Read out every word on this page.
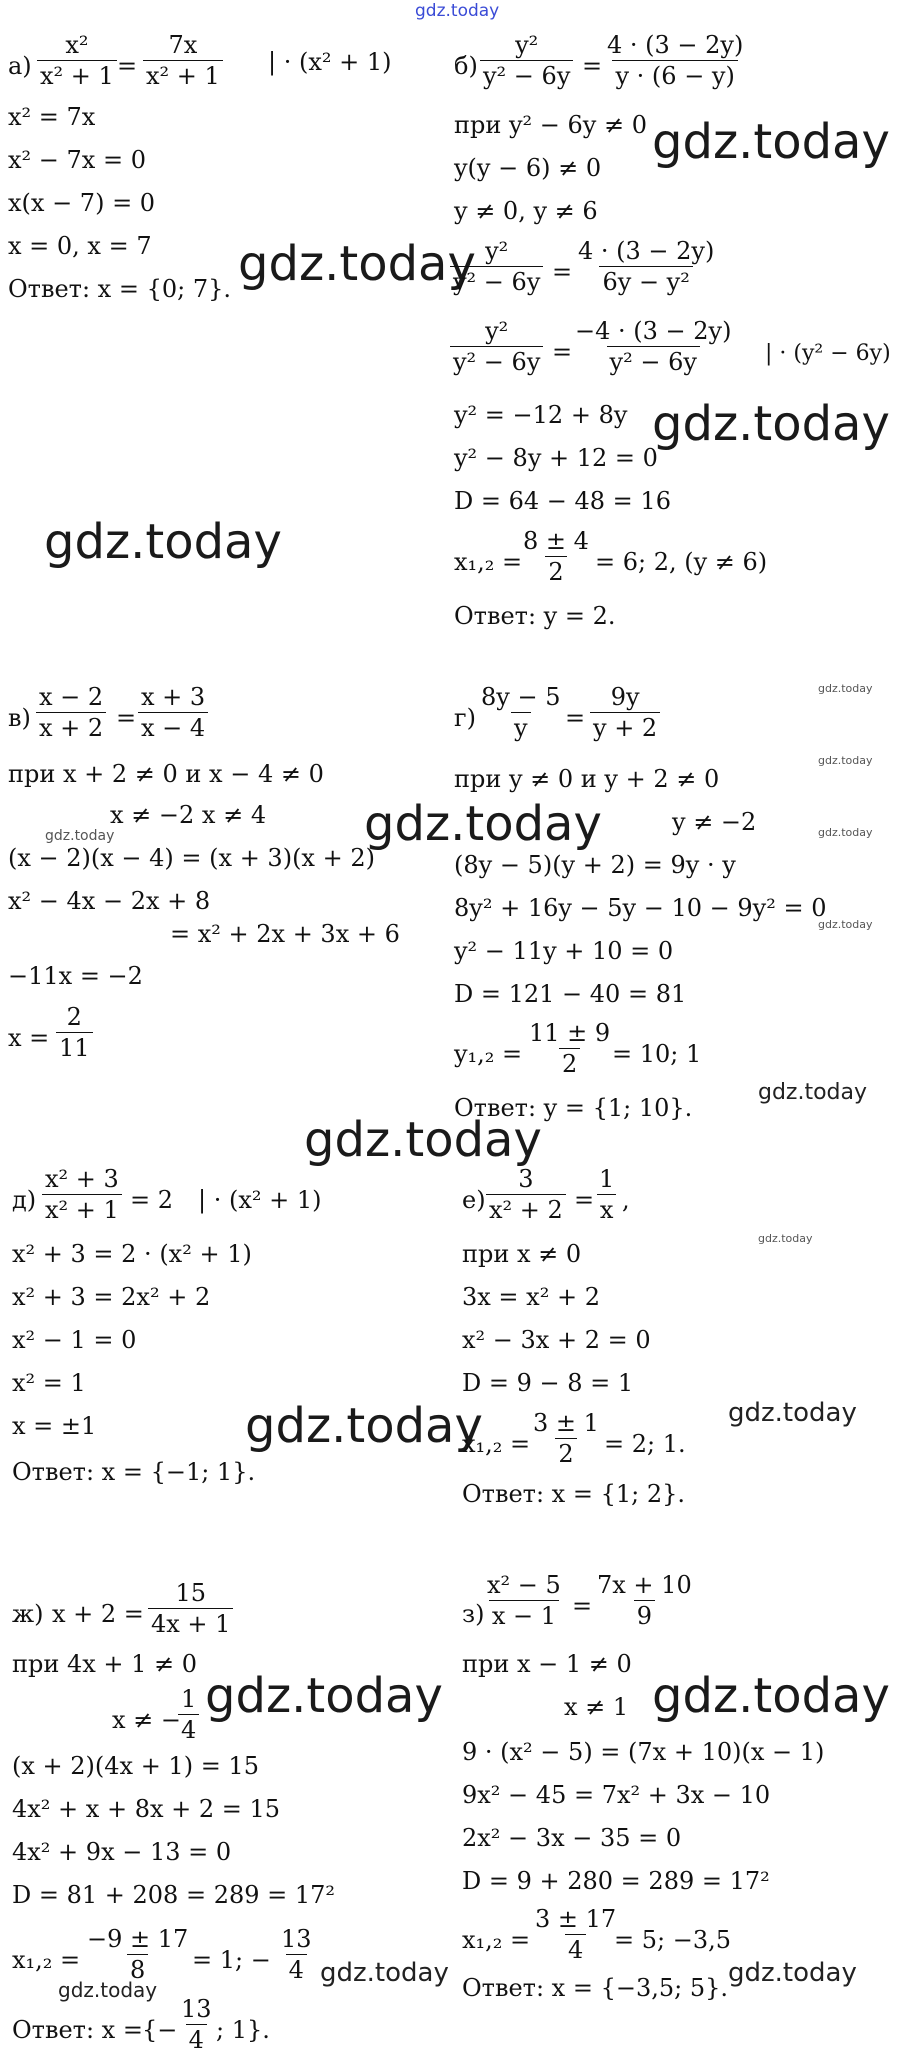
gdz.today
gdz.today
gdz.today
gdz.today
gdz.today
gdz.today
gdz.today
gdz.today
gdz.today	gdz.today
gdz.today
gdz.today
gdz.today	gdz.today
gdz.today
gdz.today
gdz.today
gdz.today
gdz.today
gdz.today
gdz.today
$а) \frac{\text{x²}}{\text{x² + 1}} = \frac{7x}{\text{x² + 1}}$ | · (x² + 1)
x² = 7x
x² − 7x = 0
x(x − 7) = 0
x = 0, x = 7
Ответ: x = {0; 7}.
$б) \frac{\text{y²}}{\text{y² − 6y}} = \frac{4 \cdot (3 - 2y)}{y \cdot (6 - y)}$
при y² − 6y ≠ 0
y(y − 6) ≠ 0
y ≠ 0, y ≠ 6
$\frac{\text{y²}}{\text{y² − 6y}} = \frac{4 \cdot (3 - 2y)}{\text{6y − y²}}$
$\frac{\text{y²}}{\text{y² − 6y}} = \frac{-4 \cdot (3 - 2y)}{\text{y² − 6y}}$ | · (y² − 6y)
y² = −12 + 8y
y² − 8y + 12 = 0
D = 64 − 48 = 16
x₁,₂ =
$\frac{8 \pm 4}{2} = 6$; 2, (y ≠ 6)
Ответ: y = 2.
$в) \frac{x - 2}{x + 2} = \frac{x + 3}{x - 4}$
при x + 2 ≠ 0 и x − 4 ≠ 0
x ≠ −2 x ≠ 4
(x − 2)(x − 4) = (x + 3)(x + 2)
x² − 4x − 2x + 8
= x² + 2x + 3x + 6
−11x = −2
$x = \frac{2}{11}$
$г) \frac{8y - 5}{y} = \frac{9y}{y + 2}$
при y ≠ 0 и y + 2 ≠ 0
y ≠ −2
(8y − 5)(y + 2) = 9y · y
8y² + 16y − 5y − 10 − 9y² = 0
y² − 11y + 10 = 0
D = 121 − 40 = 81
$y_1,_2 = \frac{11 \pm 9}{2}$
= 10; 1
Ответ: y = {1; 10}.
$д) \frac{\text{x² + 3}}{\text{x² + 1}} = 2$ | · (x² + 1)
x² + 3 = 2 · (x² + 1)
x² + 3 = 2x² + 2
x² − 1 = 0
x² = 1
x = ±1
Ответ: x = {−1; 1}.
$е) \frac{3}{\text{x² + 2}} = \frac{1}{x}$ ,
при x ≠ 0
3x = x² + 2
x² − 3x + 2 = 0
D = 9 − 8 = 1
$x_1,_2 = \frac{3 \pm 1}{2} = 2$; 1.
Ответ: x = {1; 2}.
ж) $x + 2 = \frac{15}{4x + 1}$
при 4x + 1 ≠ 0
x ≠ −
$\frac{1}{4}$
(x + 2)(4x + 1) = 15
4x² + x + 8x + 2 = 15
4x² + 9x − 13 = 0
D = 81 + 208 = 289 = 17²
$x_1,_2 = \frac{-9 \pm 17}{8} = 1$; − $\frac{13}{4}$
Ответ: x = {− $\frac{13}{4}$ ; 1}.
$з) \frac{\text{x² − 5}}{x - 1} = \frac{7x + 10}{9}$
при x − 1 ≠ 0
x ≠ 1
9 · (x² − 5) = (7x + 10)(x − 1)
9x² − 45 = 7x² + 3x − 10
2x² − 3x − 35 = 0
D = 9 + 280 = 289 = 17²
$x_1,_2 = \frac{3 \pm 17}{4}$
= 5; −3,5
Ответ: x = {−3,5; 5}.
